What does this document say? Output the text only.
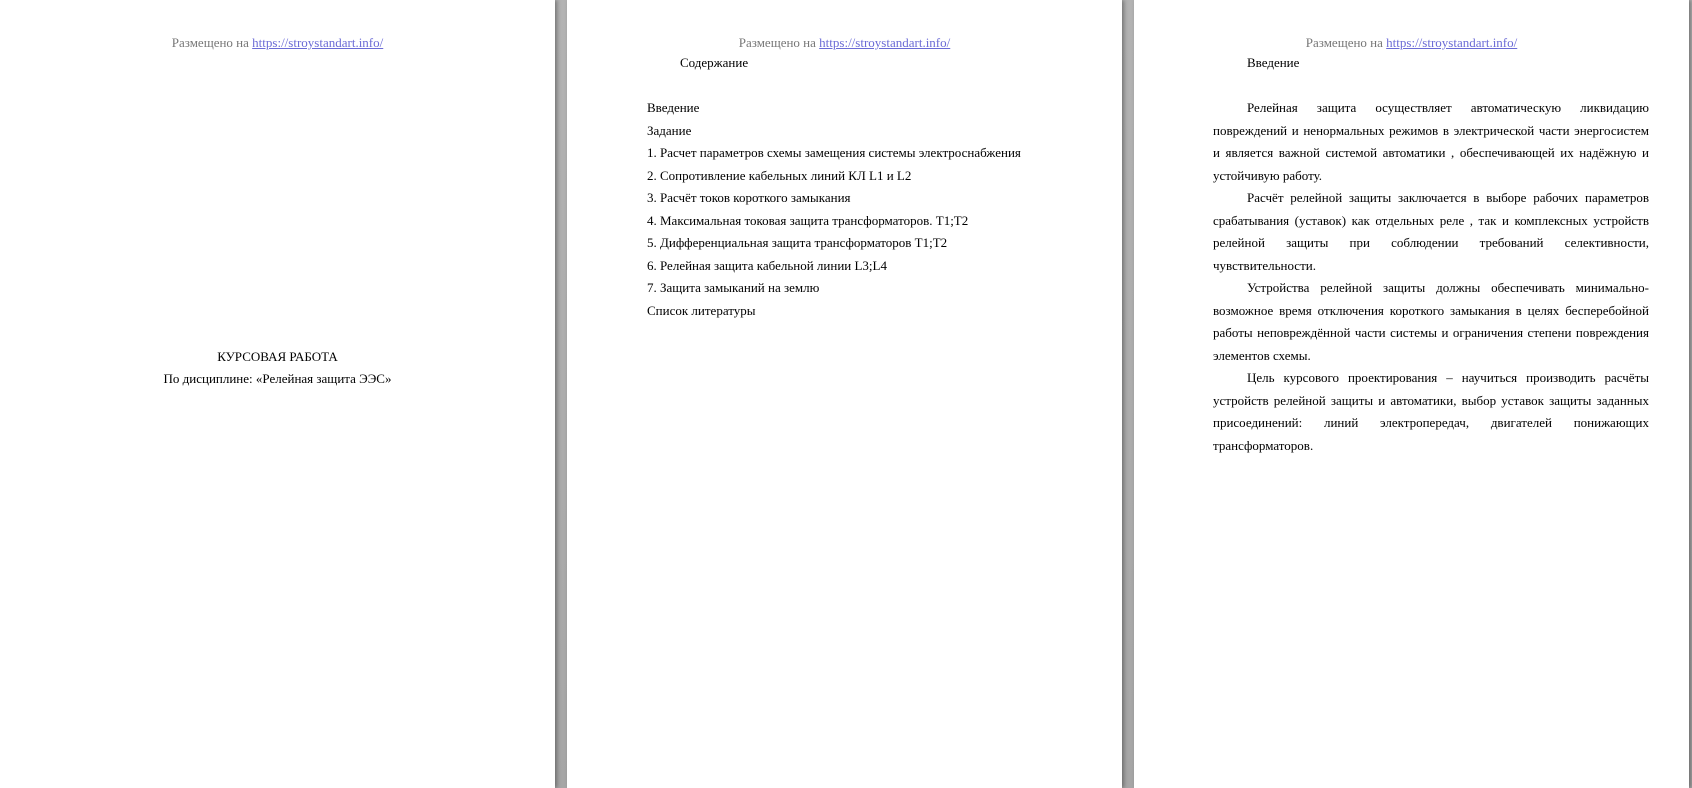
Размещено на https://stroystandart.info/
КУРСОВАЯ РАБОТА
По дисциплине: «Релейная защита ЭЭС»
Размещено на https://stroystandart.info/
Содержание
Введение
Задание
1. Расчет параметров схемы замещения системы электроснабжения
2. Сопротивление кабельных линий КЛ L1 и L2
3. Расчёт токов короткого замыкания
4. Максимальная токовая защита трансформаторов. Т1;Т2
5. Дифференциальная защита трансформаторов Т1;Т2
6. Релейная защита кабельной линии L3;L4
7. Защита замыканий на землю
Список литературы
Размещено на https://stroystandart.info/
Введение

Релейная защита осуществляет автоматическую ликвидацию повреждений и ненормальных режимов в электрической части энергосистем и является важной системой автоматики , обеспечивающей их надёжную и устойчивую работу.

Расчёт релейной защиты заключается в выборе рабочих параметров срабатывания (уставок) как отдельных реле , так и комплексных устройств релейной защиты при соблюдении требований селективности, чувствительности.

Устройства релейной защиты должны обеспечивать минимально-возможное время отключения короткого замыкания в целях бесперебойной работы неповреждённой части системы и ограничения степени повреждения элементов схемы.

Цель курсового проектирования – научиться производить расчёты устройств релейной защиты и автоматики, выбор уставок защиты заданных присоединений: линий электропередач, двигателей понижающих трансформаторов.
